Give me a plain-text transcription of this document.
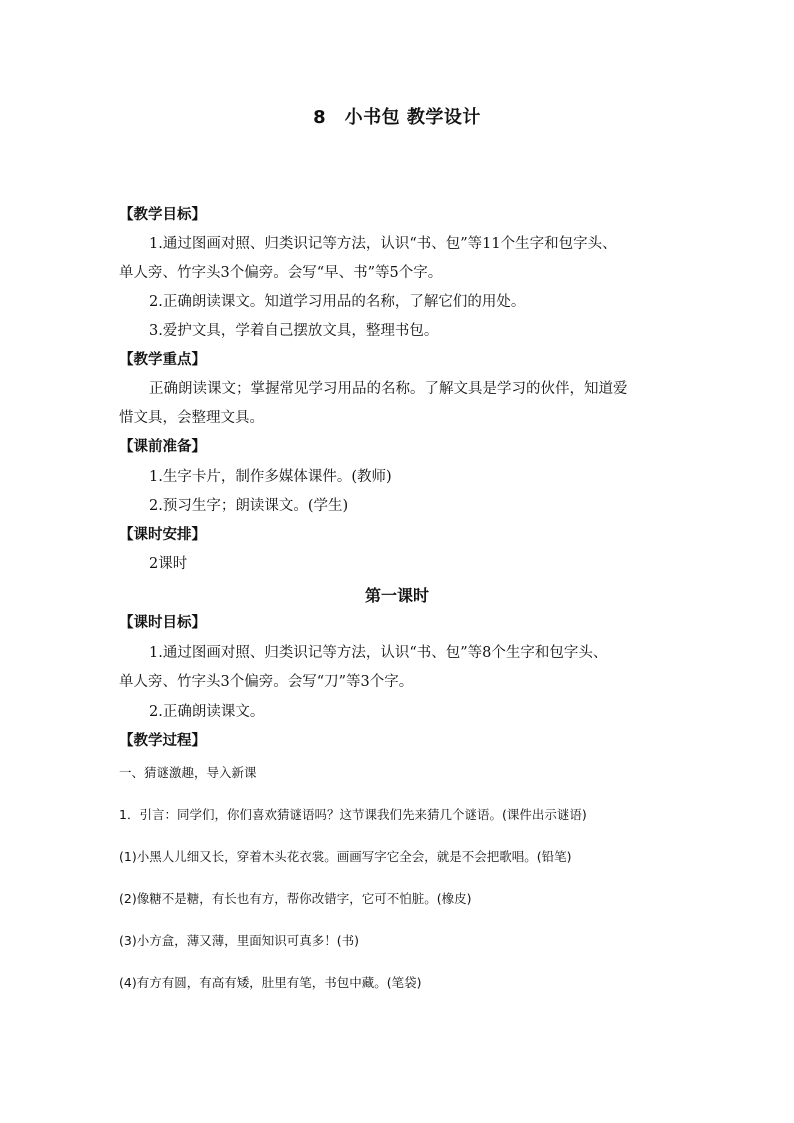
8　小书包 教学设计
【教学目标】
1.通过图画对照、归类识记等方法，认识“书、包”等11个生字和包字头、
单人旁、竹字头3个偏旁。会写“早、书”等5个字。
2.正确朗读课文。知道学习用品的名称，了解它们的用处。
3.爱护文具，学着自己摆放文具，整理书包。
【教学重点】
正确朗读课文；掌握常见学习用品的名称。了解文具是学习的伙伴，知道爱
惜文具，会整理文具。
【课前准备】
1.生字卡片，制作多媒体课件。(教师)
2.预习生字；朗读课文。(学生)
【课时安排】
2课时
第一课时
【课时目标】
1.通过图画对照、归类识记等方法，认识“书、包”等8个生字和包字头、
单人旁、竹字头3个偏旁。会写“刀”等3个字。
2.正确朗读课文。
【教学过程】
一、猜谜激趣，导入新课
1．引言：同学们，你们喜欢猜谜语吗？这节课我们先来猜几个谜语。(课件出示谜语)
(1)小黑人儿细又长，穿着木头花衣裳。画画写字它全会，就是不会把歌唱。(铅笔)
(2)像糖不是糖，有长也有方，帮你改错字，它可不怕脏。(橡皮)
(3)小方盒，薄又薄，里面知识可真多！(书)
(4)有方有圆，有高有矮，肚里有笔，书包中藏。(笔袋)
